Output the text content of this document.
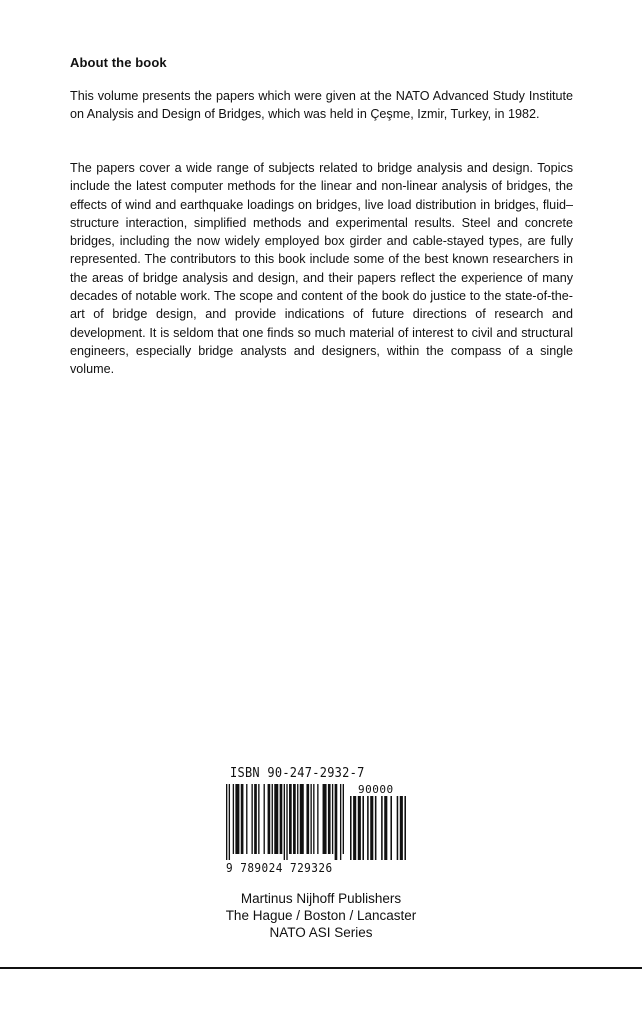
About the book

This volume presents the papers which were given at the NATO Advanced Study Institute on Analysis and Design of Bridges, which was held in Çeşme, Izmir, Turkey, in 1982.

The papers cover a wide range of subjects related to bridge analysis and design. Topics include the latest computer methods for the linear and non-linear analysis of bridges, the effects of wind and earthquake loadings on bridges, live load distribution in bridges, fluid–structure interaction, simplified methods and experimental results. Steel and concrete bridges, including the now widely employed box girder and cable-stayed types, are fully represented. The contributors to this book include some of the best known researchers in the areas of bridge analysis and design, and their papers reflect the experience of many decades of notable work. The scope and content of the book do justice to the state-of-the-art of bridge design, and provide indications of future directions of research and development. It is seldom that one finds so much material of interest to civil and structural engineers, especially bridge analysts and designers, within the compass of a single volume.

ISBN 90-247-2932-7
90000
9 789024 729326
Martinus Nijhoff Publishers
The Hague / Boston / Lancaster
NATO ASI Series
